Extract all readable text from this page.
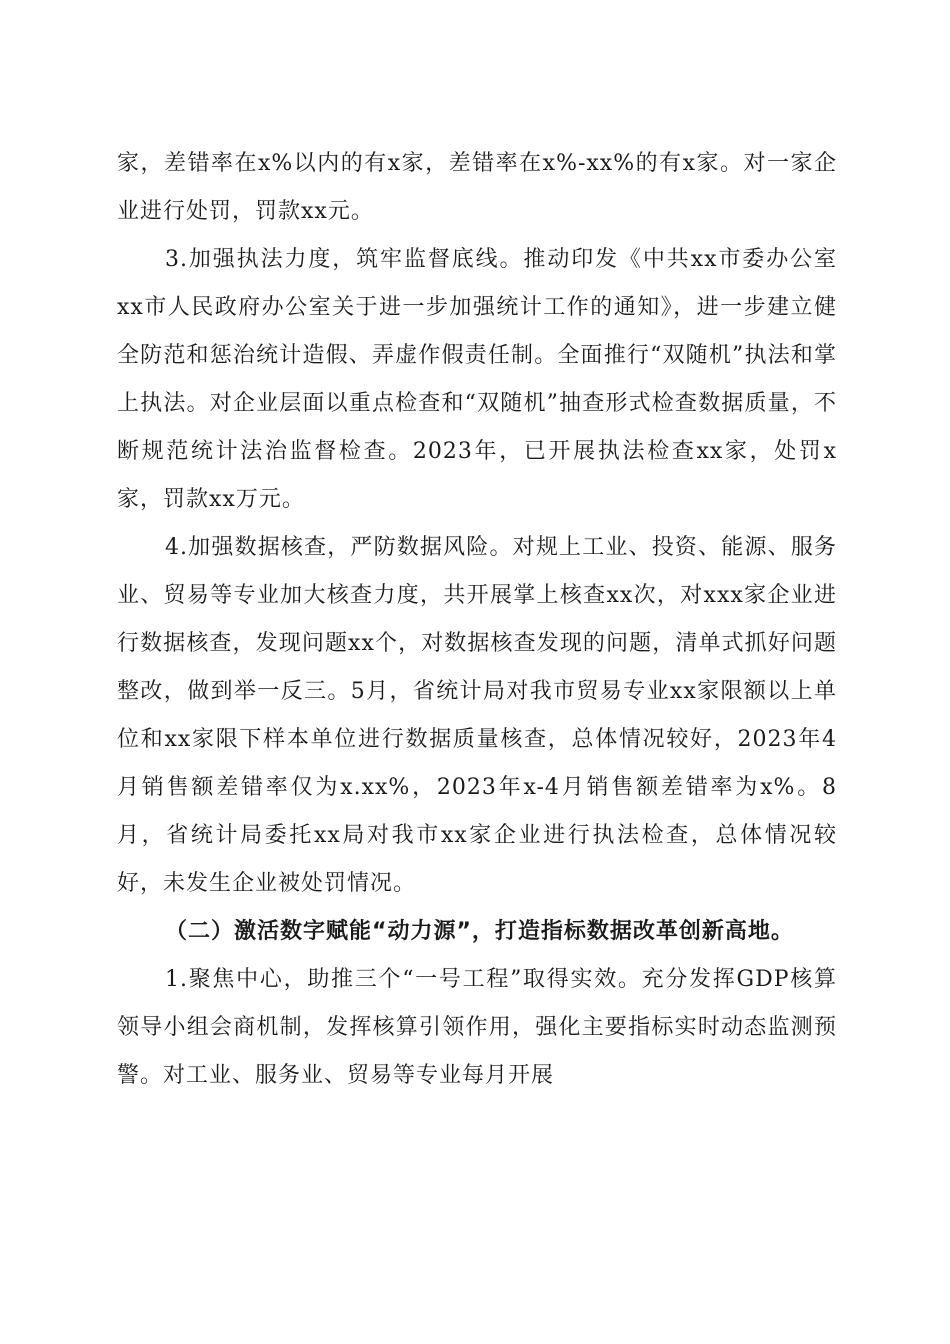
家，差错率在x%以内的有x家，差错率在x%-xx%的有x家。对一家企业进行处罚，罚款xx元。

3.加强执法力度，筑牢监督底线。推动印发《中共xx市委办公室xx市人民政府办公室关于进一步加强统计工作的通知》，进一步建立健全防范和惩治统计造假、弄虚作假责任制。全面推行“双随机”执法和掌上执法。对企业层面以重点检查和“双随机”抽查形式检查数据质量，不断规范统计法治监督检查。2023年，已开展执法检查xx家，处罚x家，罚款xx万元。

4.加强数据核查，严防数据风险。对规上工业、投资、能源、服务业、贸易等专业加大核查力度，共开展掌上核查xx次，对xxx家企业进行数据核查，发现问题xx个，对数据核查发现的问题，清单式抓好问题整改，做到举一反三。5月，省统计局对我市贸易专业xx家限额以上单位和xx家限下样本单位进行数据质量核查，总体情况较好，2023年4月销售额差错率仅为x.xx%，2023年x-4月销售额差错率为x%。8月，省统计局委托xx局对我市xx家企业进行执法检查，总体情况较好，未发生企业被处罚情况。

（二）激活数字赋能“动力源”，打造指标数据改革创新高地。

1.聚焦中心，助推三个“一号工程”取得实效。充分发挥GDP核算领导小组会商机制，发挥核算引领作用，强化主要指标实时动态监测预警。对工业、服务业、贸易等专业每月开展
